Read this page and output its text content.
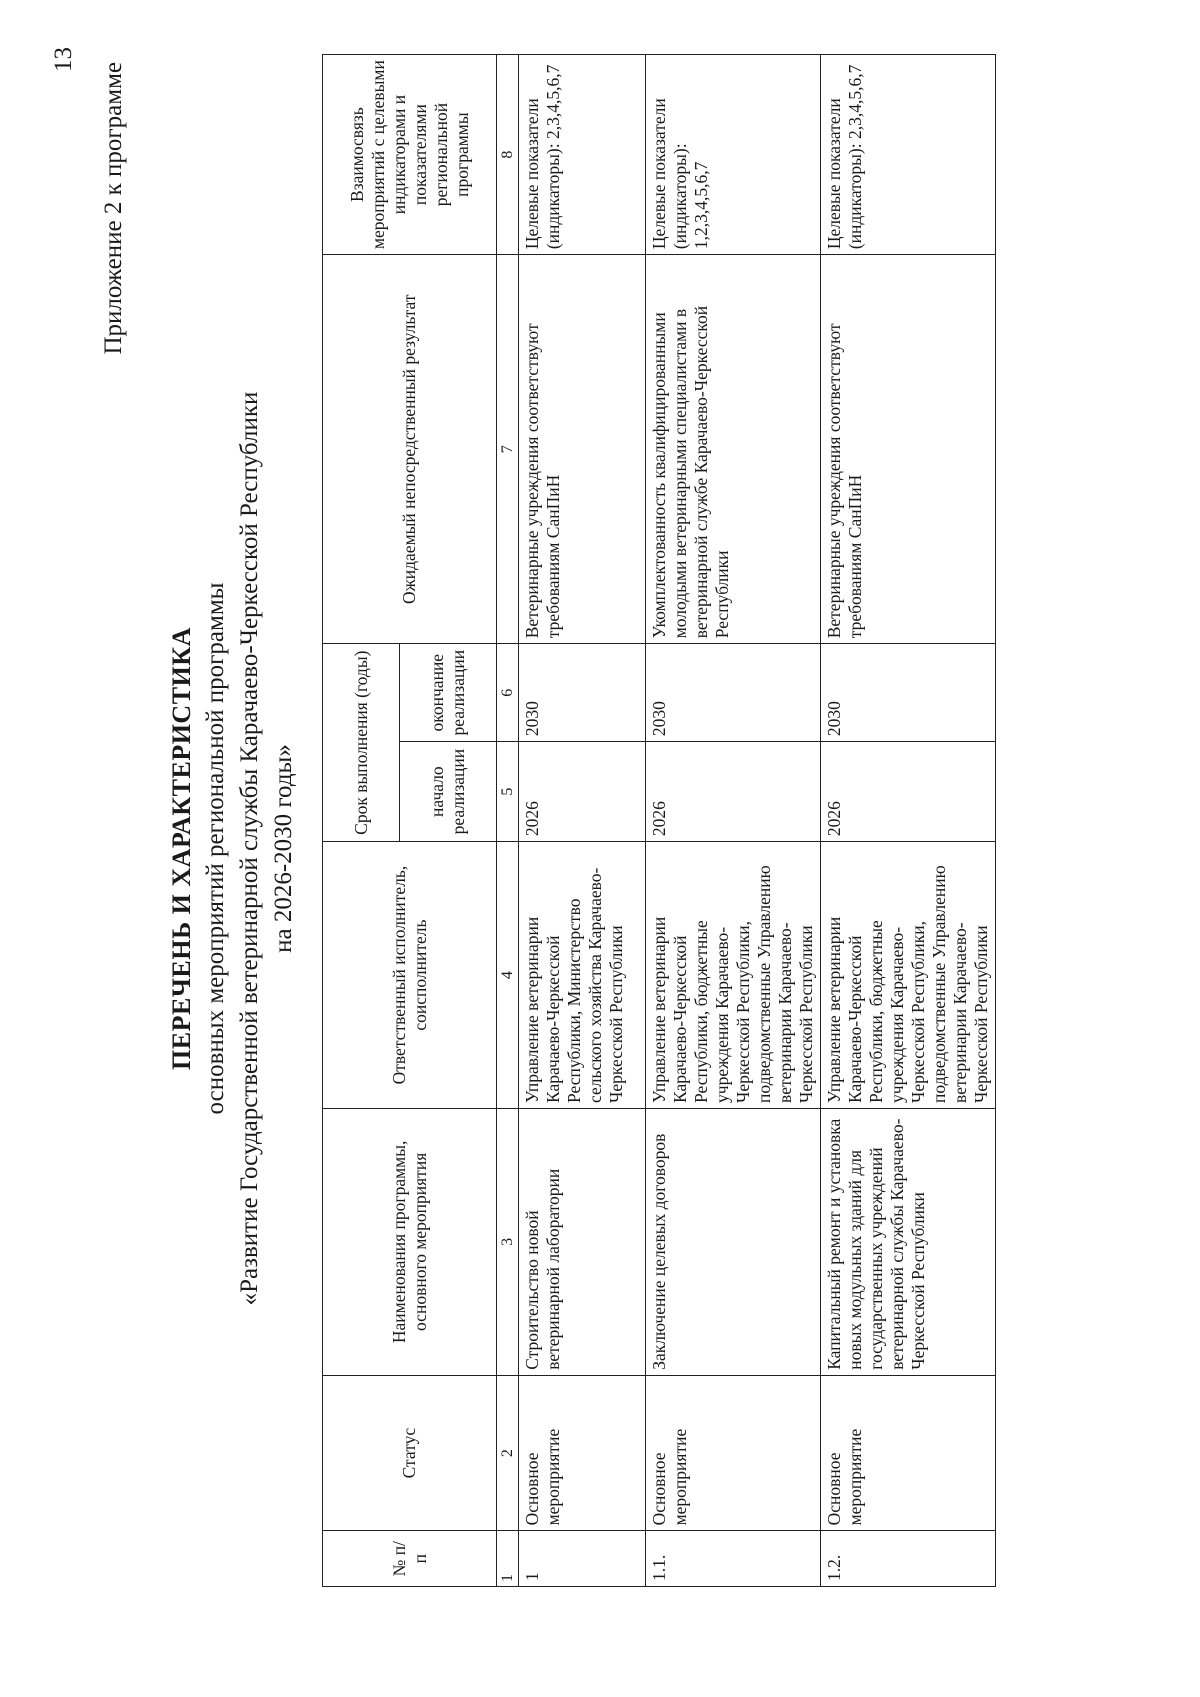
13
Приложение 2 к программе
ПЕРЕЧЕНЬ И ХАРАКТЕРИСТИКА основных мероприятий региональной программы «Развитие Государственной ветеринарной службы Карачаево-Черкесской Республики на 2026-2030 годы»
№ п/п	Статус	Наименования программы, основного мероприятия	Ответственный исполнитель, соисполнитель	Срок выполнения (годы)		Ожидаемый непосредственный результат	Взаимосвязь мероприятий с целевыми индикаторами и показателями региональной программы
				начало реализации	окончание реализации		
1	2	3	4	5	6	7	8
1	Основное мероприятие	Строительство новой ветеринарной лаборатории	Управление ветеринарии Карачаево-Черкесской Республики, Министерство сельского хозяйства Карачаево-Черкесской Республики	2026	2030	Ветеринарные учреждения соответствуют требованиям СанПиН	Целевые показатели (индикаторы): 2,3,4,5,6,7
1.1.	Основное мероприятие	Заключение целевых договоров	Управление ветеринарии Карачаево-Черкесской Республики, бюджетные учреждения Карачаево-Черкесской Республики, подведомственные Управлению ветеринарии Карачаево-Черкесской Республики	2026	2030	Укомплектованность квалифицированными молодыми ветеринарными специалистами в ветеринарной службе Карачаево-Черкесской Республики	Целевые показатели (индикаторы): 1,2,3,4,5,6,7
1.2.	Основное мероприятие	Капитальный ремонт и установка новых модульных зданий для государственных учреждений ветеринарной службы Карачаево-Черкесской Республики	Управление ветеринарии Карачаево-Черкесской Республики, бюджетные учреждения Карачаево-Черкесской Республики, подведомственные Управлению ветеринарии Карачаево-Черкесской Республики	2026	2030	Ветеринарные учреждения соответствуют требованиям СанПиН	Целевые показатели (индикаторы): 2,3,4,5,6,7
